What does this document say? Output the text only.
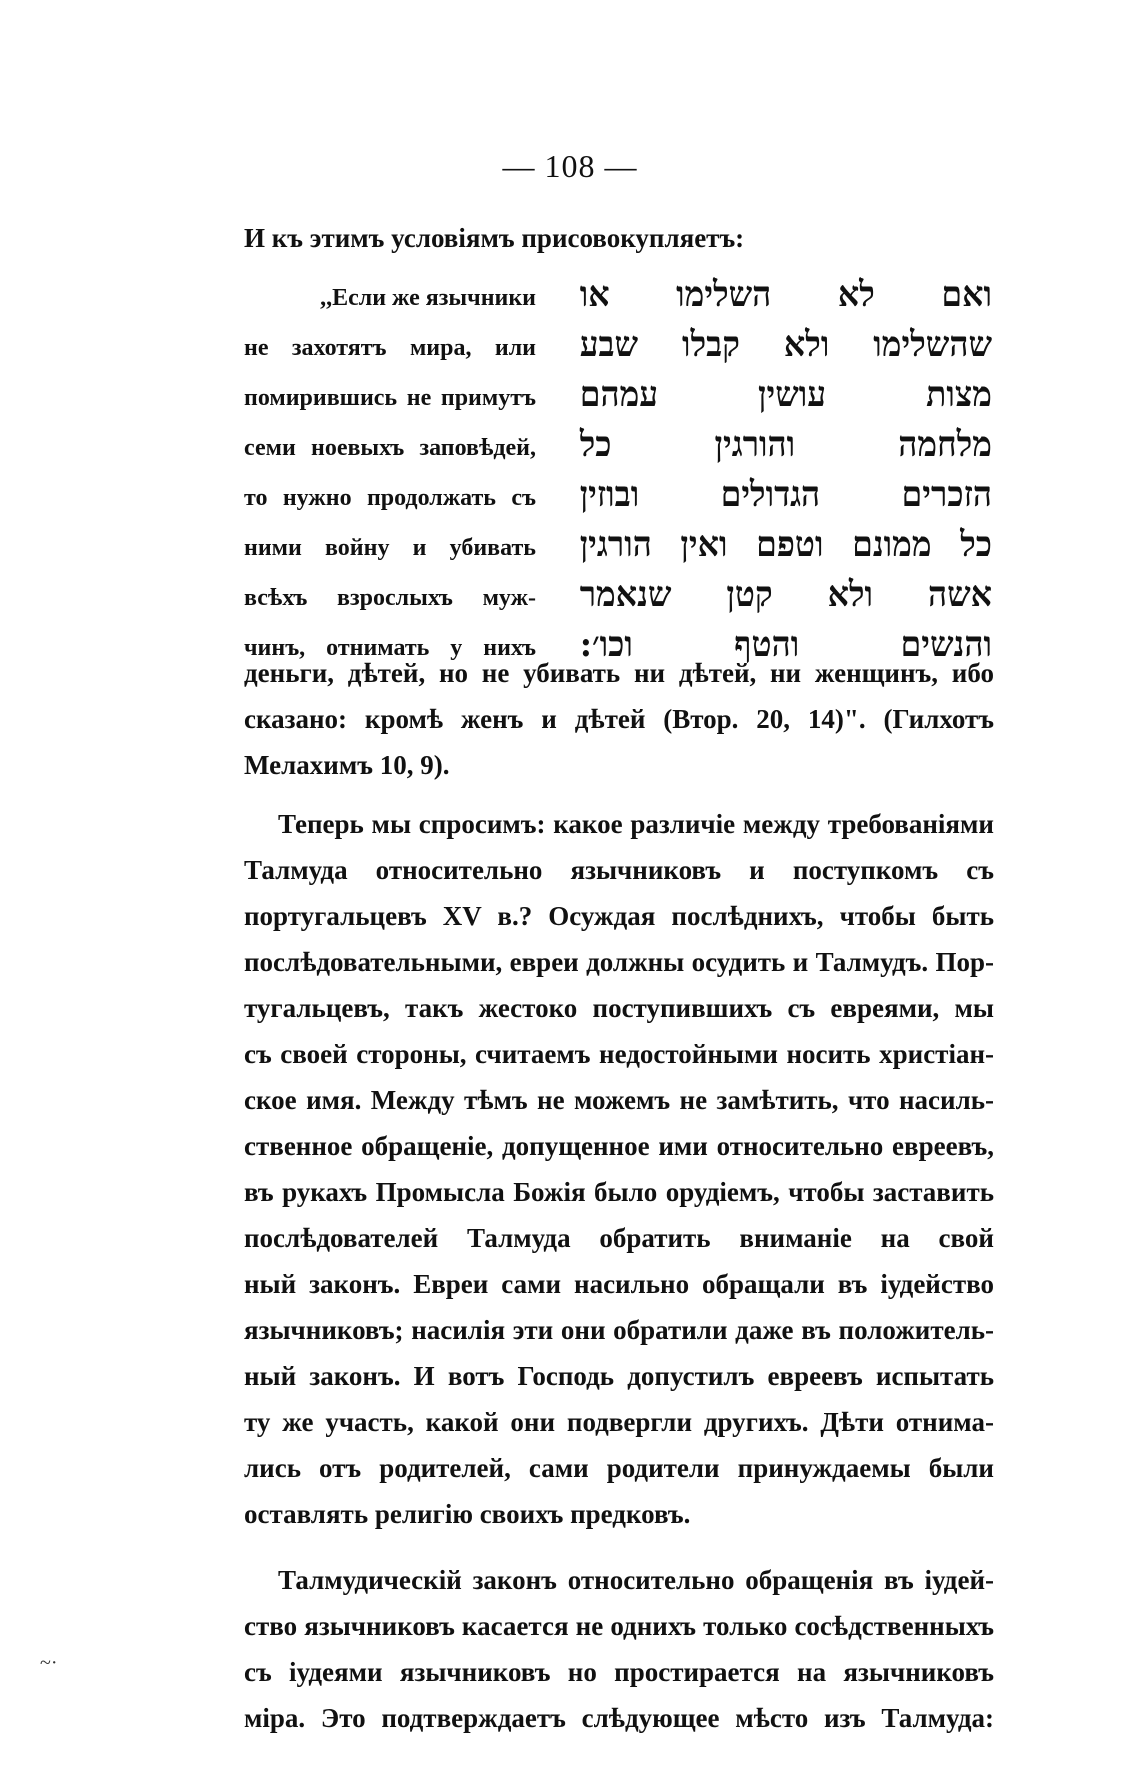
— 108 —
И къ этимъ условіямъ присовокупляетъ:
,,Если же язычники
не захотятъ мира, или
помирившись не примутъ
семи ноевыхъ заповѣдей,
то нужно продолжать съ
ними войну и убивать
всѣхъ взрослыхъ муж-
чинъ, отнимать у нихъ
ואם לא השלימו או
שהשלימו ולא קבלו שבע
מצות עושין עמהם
מלחמה והורגין כל
הזכרים הגדולים ובוזין
כל ממונם וטפם ואין הורגין
אשה ולא קטן שנאמר
והנשים והטף וכו׳:
деньги, дѣтей, но не убивать ни дѣтей, ни женщинъ, ибо
сказано: кромѣ женъ и дѣтей (Втор. 20, 14)". (Гилхотъ
Мелахимъ 10, 9).
Теперь мы спросимъ: какое различіе между требованіями
Талмуда относительно язычниковъ и поступкомъ съ
португальцевъ XV в.? Осуждая послѣднихъ, чтобы быть
послѣдовательными, евреи должны осудить и Талмудъ. Пор-
тугальцевъ, такъ жестоко поступившихъ съ евреями, мы
съ своей стороны, считаемъ недостойными носить христіан-
ское имя. Между тѣмъ не можемъ не замѣтить, что насиль-
ственное обращеніе, допущенное ими относительно евреевъ,
въ рукахъ Промысла Божія было орудіемъ, чтобы заставить
послѣдователей Талмуда обратить вниманіе на свой
ный законъ. Евреи сами насильно обращали въ іудейство
язычниковъ; насилія эти они обратили даже въ положитель-
ный законъ. И вотъ Господь допустилъ евреевъ испытать
ту же участь, какой они подвергли другихъ. Дѣти отнима-
лись отъ родителей, сами родители принуждаемы были
оставлять религію своихъ предковъ.
Талмудическій законъ относительно обращенія въ іудей-
ство язычниковъ касается не однихъ только сосѣдственныхъ
съ іудеями язычниковъ но простирается на язычниковъ
міра. Это подтверждаетъ слѣдующее мѣсто изъ Талмуда:
~·
